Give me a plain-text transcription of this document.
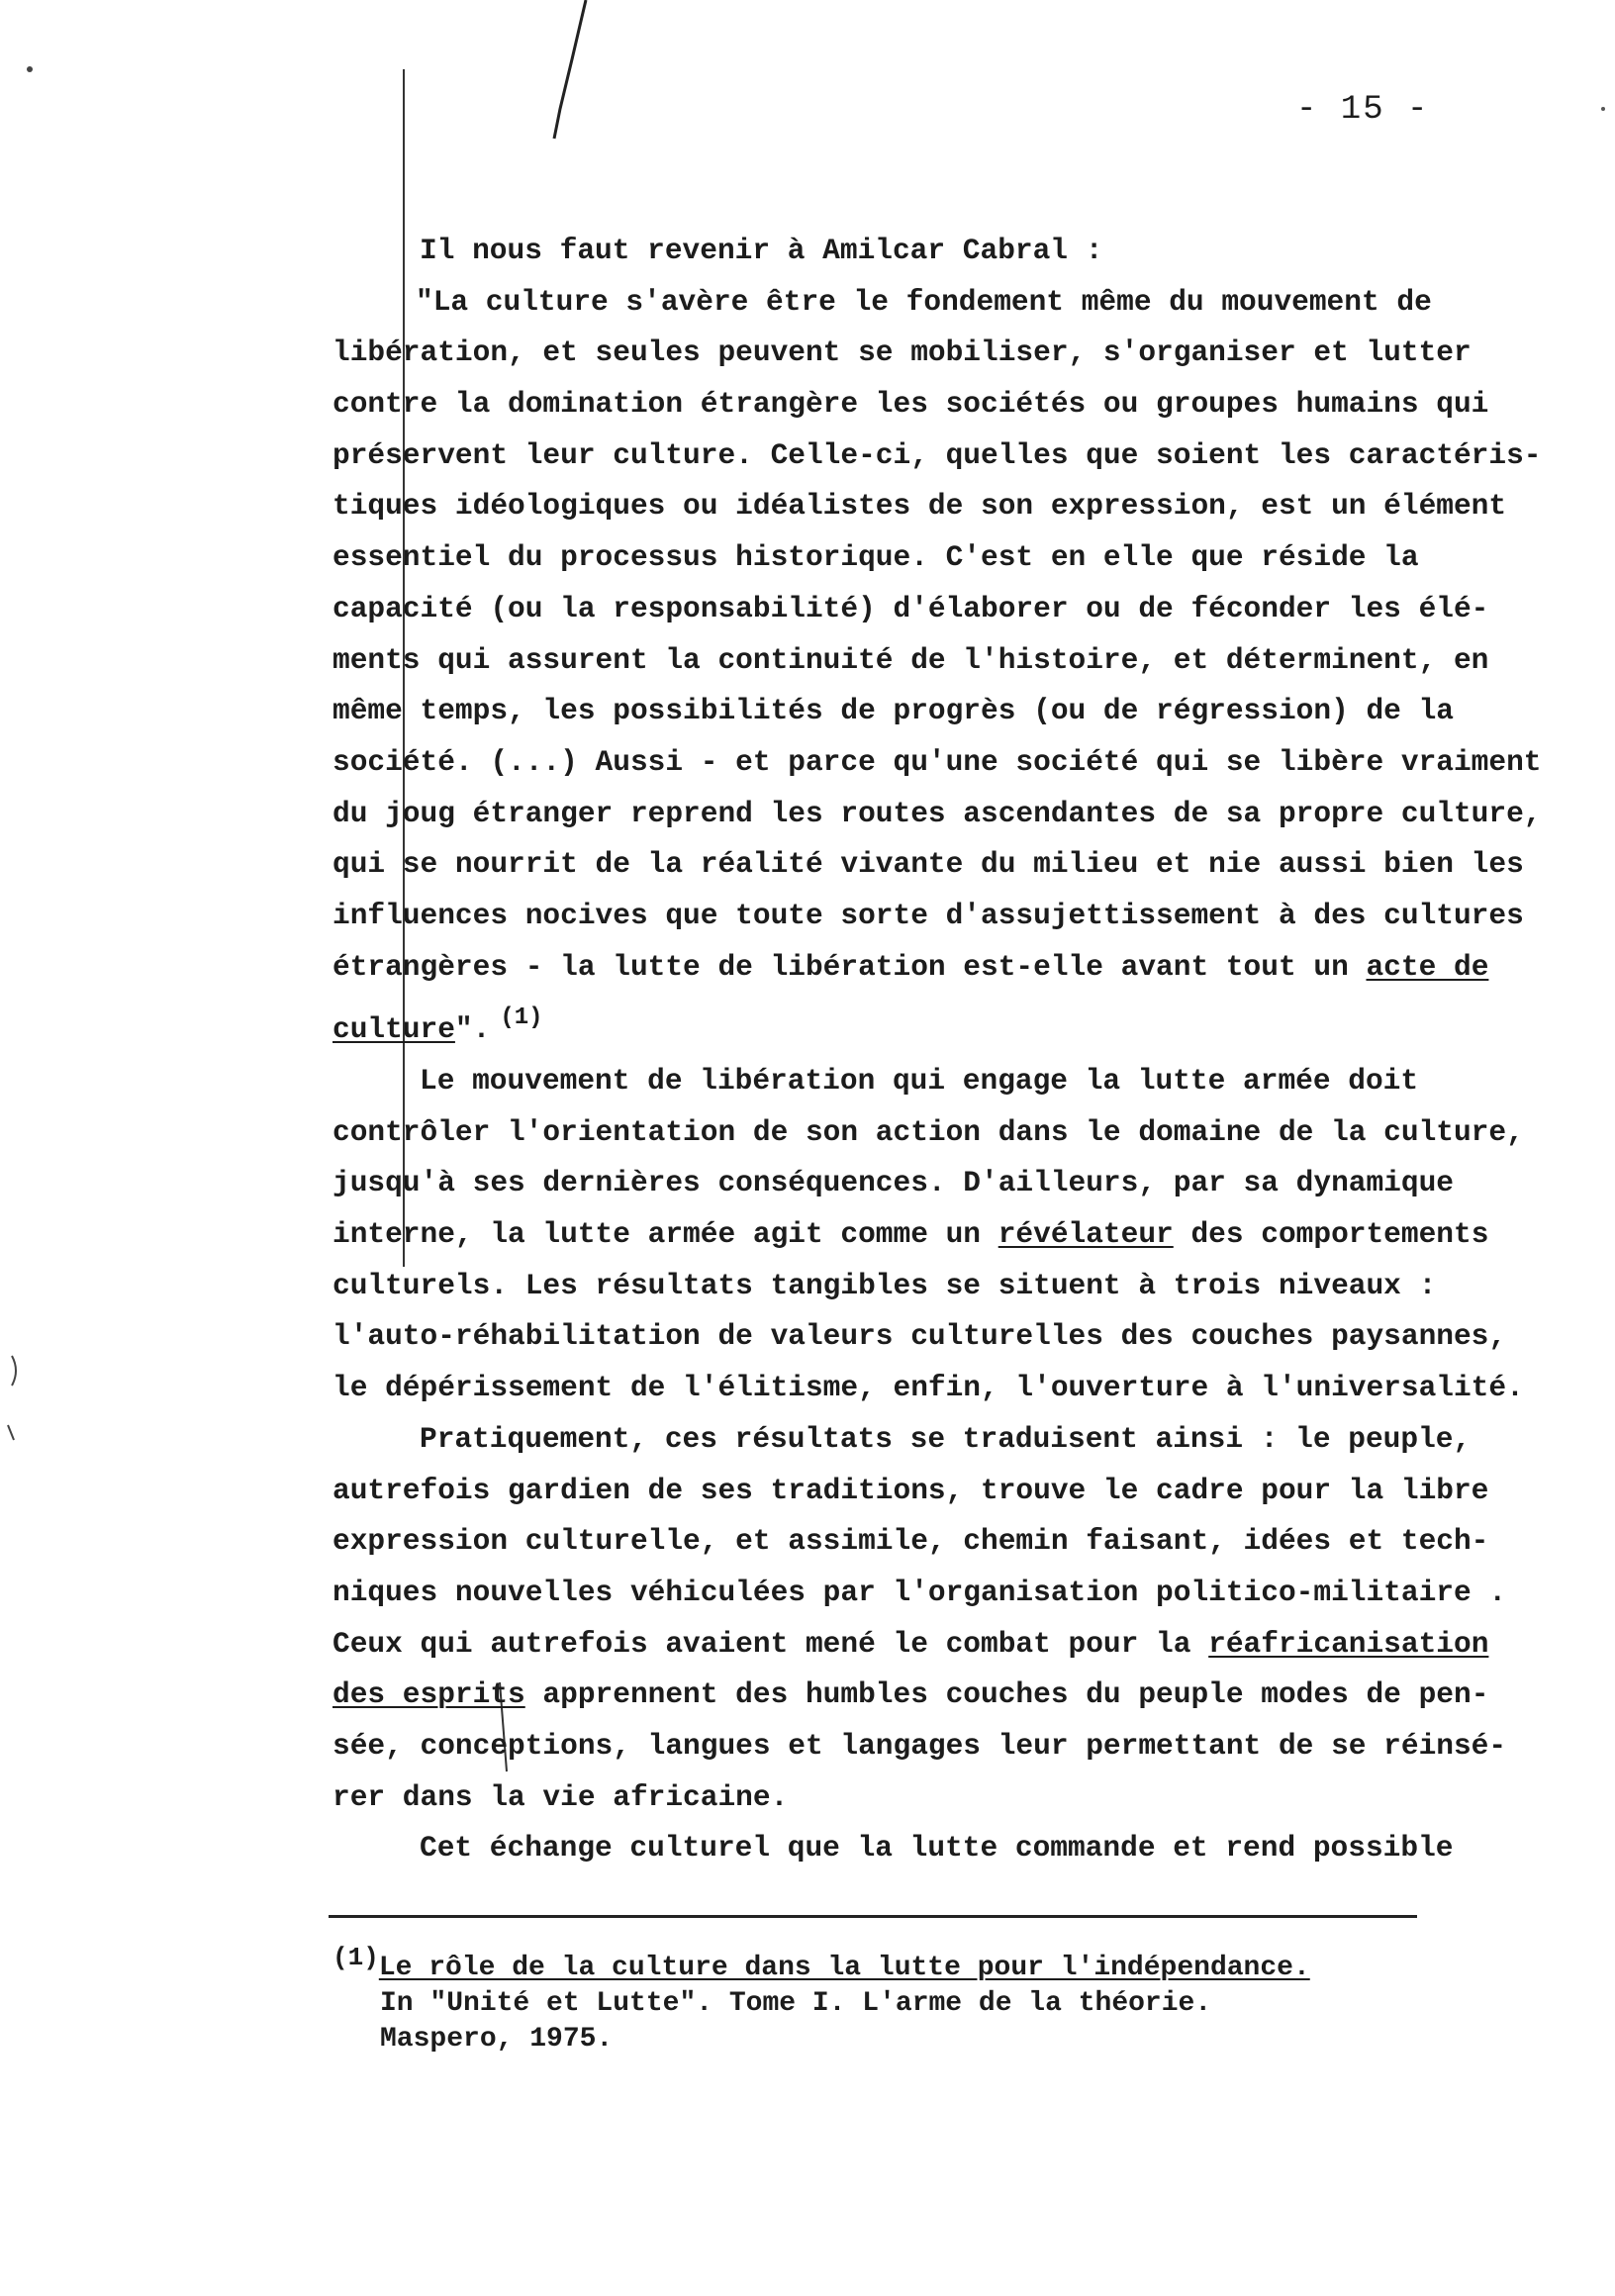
- 15 -
Il nous faut revenir à Amilcar Cabral :
"La culture s'avère être le fondement même du mouvement de
libération, et seules peuvent se mobiliser, s'organiser et lutter
contre la domination étrangère les sociétés ou groupes humains qui
préservent leur culture. Celle-ci, quelles que soient les caractéris-
tiques idéologiques ou idéalistes de son expression, est un élément
essentiel du processus historique. C'est en elle que réside la
capacité (ou la responsabilité) d'élaborer ou de féconder les élé-
ments qui assurent la continuité de l'histoire, et déterminent, en
même temps, les possibilités de progrès (ou de régression) de la
société. (...) Aussi - et parce qu'une société qui se libère vraiment
du joug étranger reprend les routes ascendantes de sa propre culture,
qui se nourrit de la réalité vivante du milieu et nie aussi bien les
influences nocives que toute sorte d'assujettissement à des cultures
étrangères - la lutte de libération est-elle avant tout un acte de
culture". $^{(1)}$
Le mouvement de libération qui engage la lutte armée doit
contrôler l'orientation de son action dans le domaine de la culture,
jusqu'à ses dernières conséquences. D'ailleurs, par sa dynamique
interne, la lutte armée agit comme un révélateur des comportements
culturels. Les résultats tangibles se situent à trois niveaux :
l'auto-réhabilitation de valeurs culturelles des couches paysannes,
le dépérissement de l'élitisme, enfin, l'ouverture à l'universalité.
Pratiquement, ces résultats se traduisent ainsi : le peuple,
autrefois gardien de ses traditions, trouve le cadre pour la libre
expression culturelle, et assimile, chemin faisant, idées et tech-
niques nouvelles véhiculées par l'organisation politico-militaire .
Ceux qui autrefois avaient mené le combat pour la réafricanisation
des esprits apprennent des humbles couches du peuple modes de pen-
sée, conceptions, langues et langages leur permettant de se réinsé-
rer dans la vie africaine.
Cet échange culturel que la lutte commande et rend possible
(1)Le rôle de la culture dans la lutte pour l'indépendance.
In "Unité et Lutte". Tome I. L'arme de la théorie.
Maspero, 1975.
